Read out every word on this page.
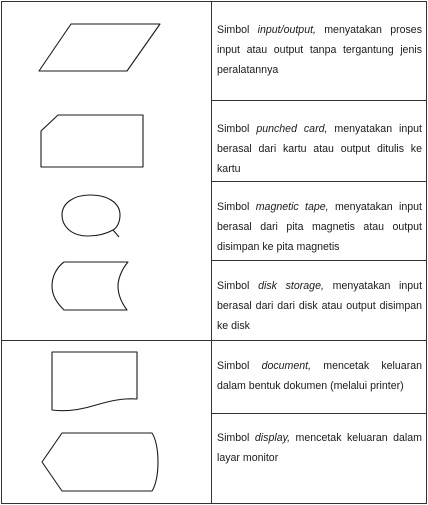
Simbol input/output, menyatakan proses input atau output tanpa tergantung jenis peralatannya
Simbol punched card, menyatakan input berasal dari kartu atau output ditulis ke kartu
Simbol magnetic tape, menyatakan input berasal dari pita magnetis atau output disimpan ke pita magnetis
Simbol disk storage, menyatakan input berasal dari dari disk atau output disimpan ke disk
Simbol document, mencetak keluaran dalam bentuk dokumen (melalui printer)
Simbol display, mencetak keluaran dalam layar monitor
